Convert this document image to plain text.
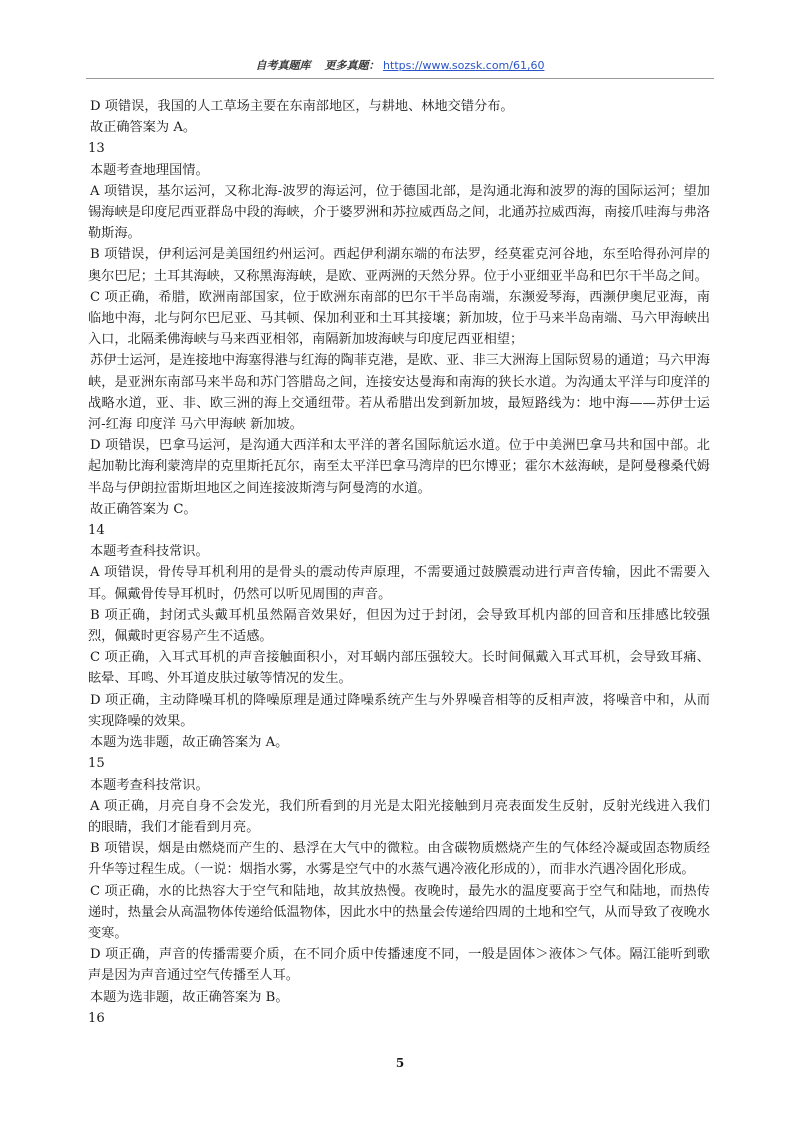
自考真题库 更多真题： https://www.sozsk.com/61,60

D 项错误，我国的人工草场主要在东南部地区，与耕地、林地交错分布。

故正确答案为 A。

13

本题考查地理国情。

A 项错误，基尔运河，又称北海-波罗的海运河，位于德国北部，是沟通北海和波罗的海的国际运河；望加锡海峡是印度尼西亚群岛中段的海峡，介于婆罗洲和苏拉威西岛之间，北通苏拉威西海，南接爪哇海与弗洛勒斯海。

B 项错误，伊利运河是美国纽约州运河。西起伊利湖东端的布法罗，经莫霍克河谷地，东至哈得孙河岸的奥尔巴尼；土耳其海峡，又称黑海海峡，是欧、亚两洲的天然分界。位于小亚细亚半岛和巴尔干半岛之间。

C 项正确，希腊，欧洲南部国家，位于欧洲东南部的巴尔干半岛南端，东濒爱琴海，西濒伊奥尼亚海，南临地中海，北与阿尔巴尼亚、马其顿、保加利亚和土耳其接壤；新加坡，位于马来半岛南端、马六甲海峡出入口，北隔柔佛海峡与马来西亚相邻，南隔新加坡海峡与印度尼西亚相望；

苏伊士运河，是连接地中海塞得港与红海的陶菲克港，是欧、亚、非三大洲海上国际贸易的通道；马六甲海峡，是亚洲东南部马来半岛和苏门答腊岛之间，连接安达曼海和南海的狭长水道。为沟通太平洋与印度洋的战略水道，亚、非、欧三洲的海上交通纽带。若从希腊出发到新加坡，最短路线为：地中海——苏伊士运河-红海 印度洋 马六甲海峡 新加坡。

D 项错误，巴拿马运河，是沟通大西洋和太平洋的著名国际航运水道。位于中美洲巴拿马共和国中部。北起加勒比海利蒙湾岸的克里斯托瓦尔，南至太平洋巴拿马湾岸的巴尔博亚；霍尔木兹海峡，是阿曼穆桑代姆半岛与伊朗拉雷斯坦地区之间连接波斯湾与阿曼湾的水道。

故正确答案为 C。

14

本题考查科技常识。

A 项错误，骨传导耳机利用的是骨头的震动传声原理，不需要通过鼓膜震动进行声音传输，因此不需要入耳。佩戴骨传导耳机时，仍然可以听见周围的声音。

B 项正确，封闭式头戴耳机虽然隔音效果好，但因为过于封闭，会导致耳机内部的回音和压排感比较强烈，佩戴时更容易产生不适感。

C 项正确，入耳式耳机的声音接触面积小，对耳蜗内部压强较大。长时间佩戴入耳式耳机，会导致耳痛、眩晕、耳鸣、外耳道皮肤过敏等情况的发生。

D 项正确，主动降噪耳机的降噪原理是通过降噪系统产生与外界噪音相等的反相声波，将噪音中和，从而实现降噪的效果。

本题为选非题，故正确答案为 A。

15

本题考查科技常识。

A 项正确，月亮自身不会发光，我们所看到的月光是太阳光接触到月亮表面发生反射，反射光线进入我们的眼睛，我们才能看到月亮。

B 项错误，烟是由燃烧而产生的、悬浮在大气中的微粒。由含碳物质燃烧产生的气体经冷凝或固态物质经升华等过程生成。（一说：烟指水雾，水雾是空气中的水蒸气遇冷液化形成的），而非水汽遇冷固化形成。

C 项正确，水的比热容大于空气和陆地，故其放热慢。夜晚时，最先水的温度要高于空气和陆地，而热传递时，热量会从高温物体传递给低温物体，因此水中的热量会传递给四周的土地和空气，从而导致了夜晚水变寒。

D 项正确，声音的传播需要介质，在不同介质中传播速度不同，一般是固体＞液体＞气体。隔江能听到歌声是因为声音通过空气传播至人耳。

本题为选非题，故正确答案为 B。

16

5
